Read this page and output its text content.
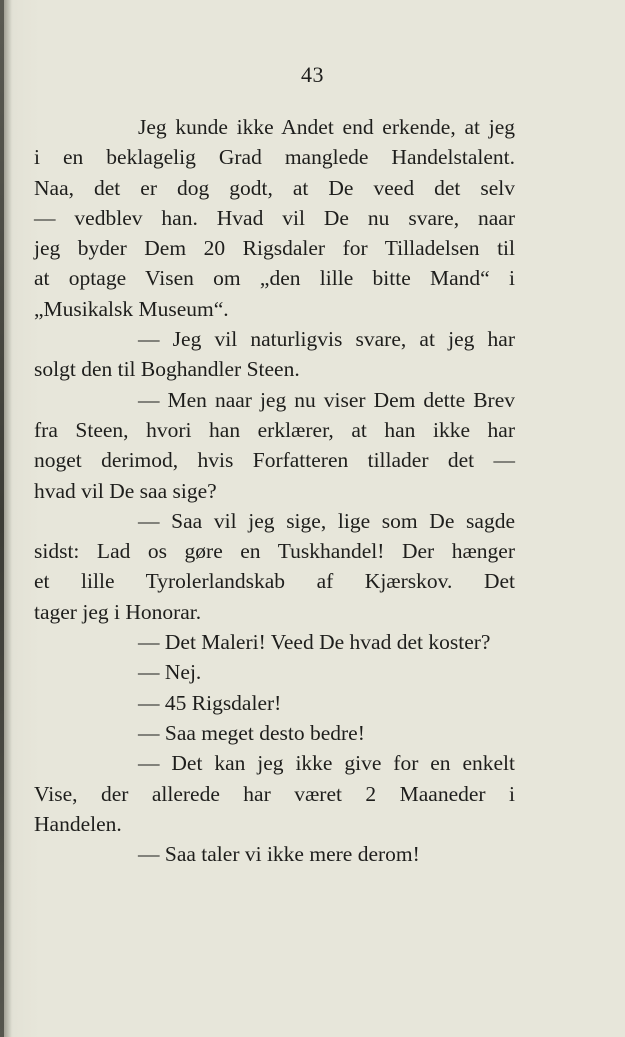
43

Jeg kunde ikke Andet end erkende, at jeg
i en beklagelig Grad manglede Handelstalent.
Naa, det er dog godt, at De veed det selv
— vedblev han. Hvad vil De nu svare, naar
jeg byder Dem 20 Rigsdaler for Tilladelsen til
at optage Visen om „den lille bitte Mand“ i
„Musikalsk Museum“.

— Jeg vil naturligvis svare, at jeg har
solgt den til Boghandler Steen.

— Men naar jeg nu viser Dem dette Brev
fra Steen, hvori han erklærer, at han ikke har
noget derimod, hvis Forfatteren tillader det —
hvad vil De saa sige?

— Saa vil jeg sige, lige som De sagde
sidst: Lad os gøre en Tuskhandel! Der hænger
et lille Tyrolerlandskab af Kjærskov. Det
tager jeg i Honorar.

— Det Maleri! Veed De hvad det koster?

— Nej.

— 45 Rigsdaler!

— Saa meget desto bedre!

— Det kan jeg ikke give for en enkelt
Vise, der allerede har været 2 Maaneder i
Handelen.

— Saa taler vi ikke mere derom!
